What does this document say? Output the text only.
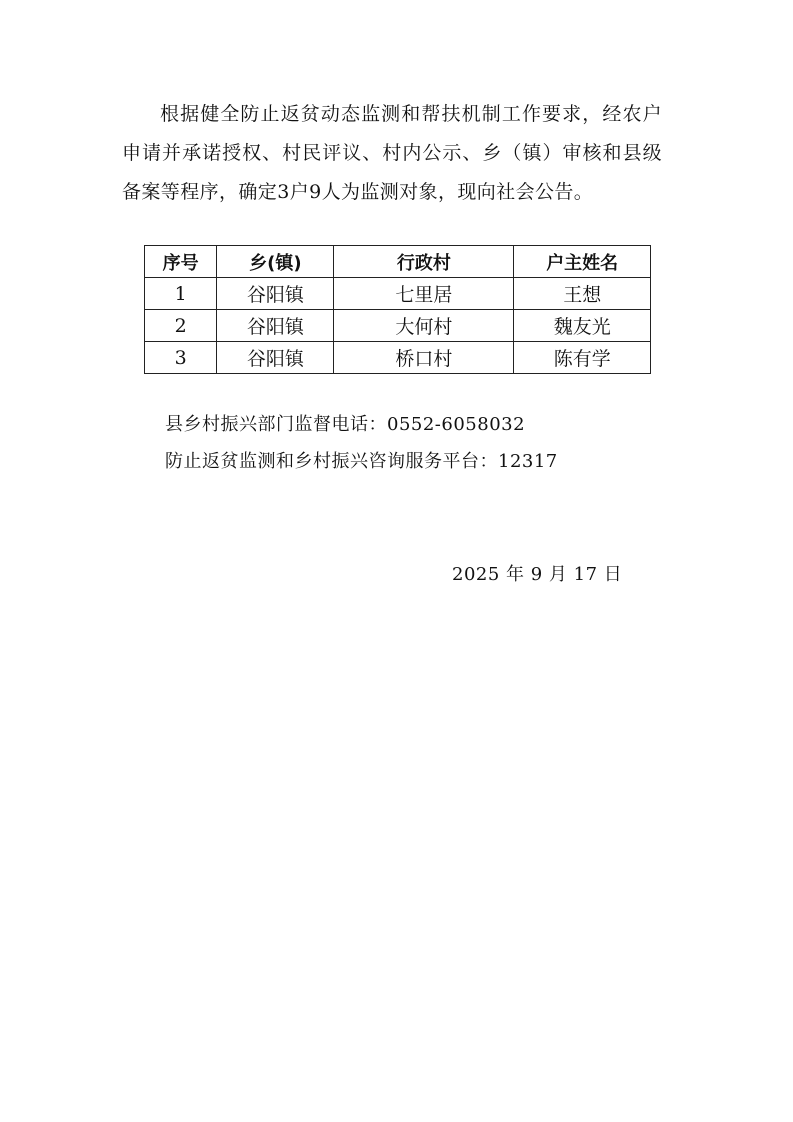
根据健全防止返贫动态监测和帮扶机制工作要求，经农户申请并承诺授权、村民评议、村内公示、乡（镇）审核和县级备案等程序，确定3户9人为监测对象，现向社会公告。

序号	乡(镇)	行政村	户主姓名
1	谷阳镇	七里居	王想
2	谷阳镇	大何村	魏友光
3	谷阳镇	桥口村	陈有学
县乡村振兴部门监督电话：0552-6058032
防止返贫监测和乡村振兴咨询服务平台：12317
2025 年 9 月 17 日
